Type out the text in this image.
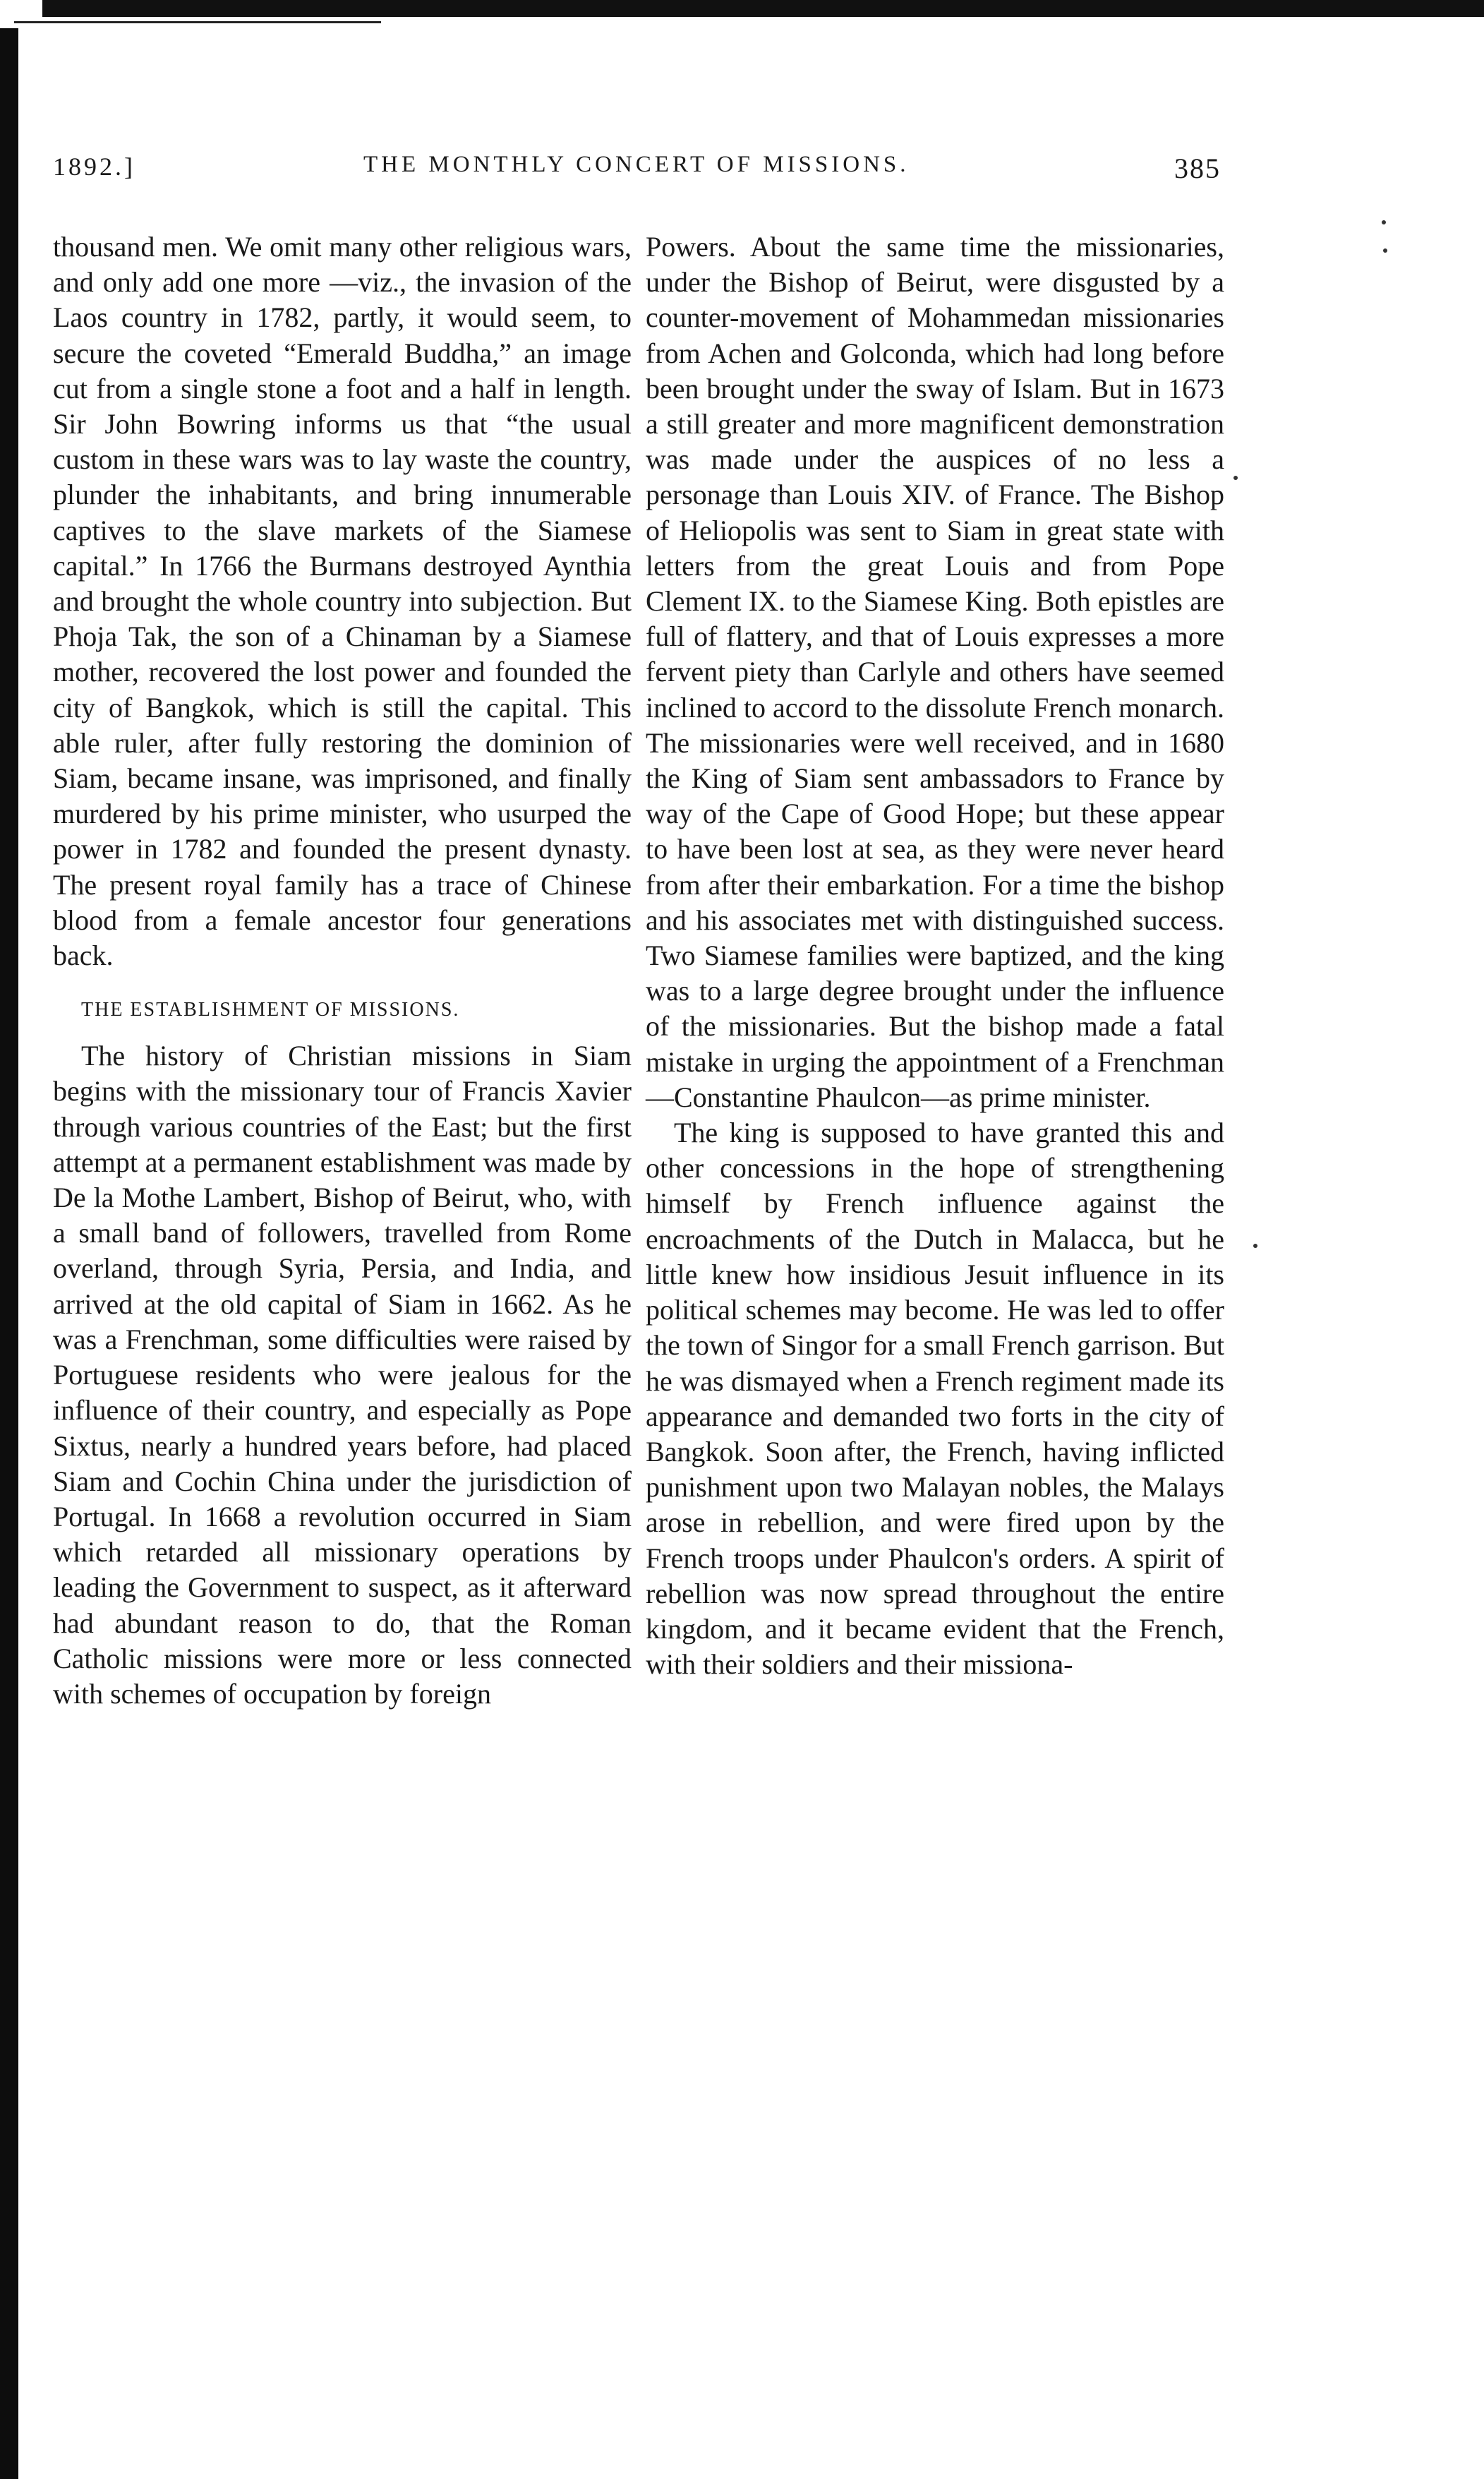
1892.]	THE MONTHLY CONCERT OF MISSIONS.	385

thousand men. We omit many other religious wars, and only add one more —viz., the invasion of the Laos country in 1782, partly, it would seem, to secure the coveted “Emerald Buddha,” an image cut from a single stone a foot and a half in length. Sir John Bowring informs us that “the usual custom in these wars was to lay waste the country, plunder the inhabitants, and bring innumerable captives to the slave markets of the Siamese capital.” In 1766 the Burmans destroyed Aynthia and brought the whole country into subjection. But Phoja Tak, the son of a Chinaman by a Siamese mother, recovered the lost power and founded the city of Bangkok, which is still the capital. This able ruler, after fully restoring the dominion of Siam, became insane, was imprisoned, and finally murdered by his prime minister, who usurped the power in 1782 and founded the present dynasty. The present royal family has a trace of Chinese blood from a female ancestor four generations back.

THE ESTABLISHMENT OF MISSIONS.

The history of Christian missions in Siam begins with the missionary tour of Francis Xavier through various countries of the East; but the first attempt at a permanent establishment was made by De la Mothe Lambert, Bishop of Beirut, who, with a small band of followers, travelled from Rome overland, through Syria, Persia, and India, and arrived at the old capital of Siam in 1662. As he was a Frenchman, some difficulties were raised by Portuguese residents who were jealous for the influence of their country, and especially as Pope Sixtus, nearly a hundred years before, had placed Siam and Cochin China under the jurisdiction of Portugal. In 1668 a revolution occurred in Siam which retarded all missionary operations by leading the Government to suspect, as it afterward had abundant reason to do, that the Roman Catholic missions were more or less connected with schemes of occupation by foreign

Powers. About the same time the missionaries, under the Bishop of Beirut, were disgusted by a counter-movement of Mohammedan missionaries from Achen and Golconda, which had long before been brought under the sway of Islam. But in 1673 a still greater and more magnificent demonstration was made under the auspices of no less a personage than Louis XIV. of France. The Bishop of Heliopolis was sent to Siam in great state with letters from the great Louis and from Pope Clement IX. to the Siamese King. Both epistles are full of flattery, and that of Louis expresses a more fervent piety than Carlyle and others have seemed inclined to accord to the dissolute French monarch. The missionaries were well received, and in 1680 the King of Siam sent ambassadors to France by way of the Cape of Good Hope; but these appear to have been lost at sea, as they were never heard from after their embarkation. For a time the bishop and his associates met with distinguished success. Two Siamese families were baptized, and the king was to a large degree brought under the influence of the missionaries. But the bishop made a fatal mistake in urging the appointment of a Frenchman—Constantine Phaulcon—as prime minister.

The king is supposed to have granted this and other concessions in the hope of strengthening himself by French influence against the encroachments of the Dutch in Malacca, but he little knew how insidious Jesuit influence in its political schemes may become. He was led to offer the town of Singor for a small French garrison. But he was dismayed when a French regiment made its appearance and demanded two forts in the city of Bangkok. Soon after, the French, having inflicted punishment upon two Malayan nobles, the Malays arose in rebellion, and were fired upon by the French troops under Phaulcon's orders. A spirit of rebellion was now spread throughout the entire kingdom, and it became evident that the French, with their soldiers and their missiona-
